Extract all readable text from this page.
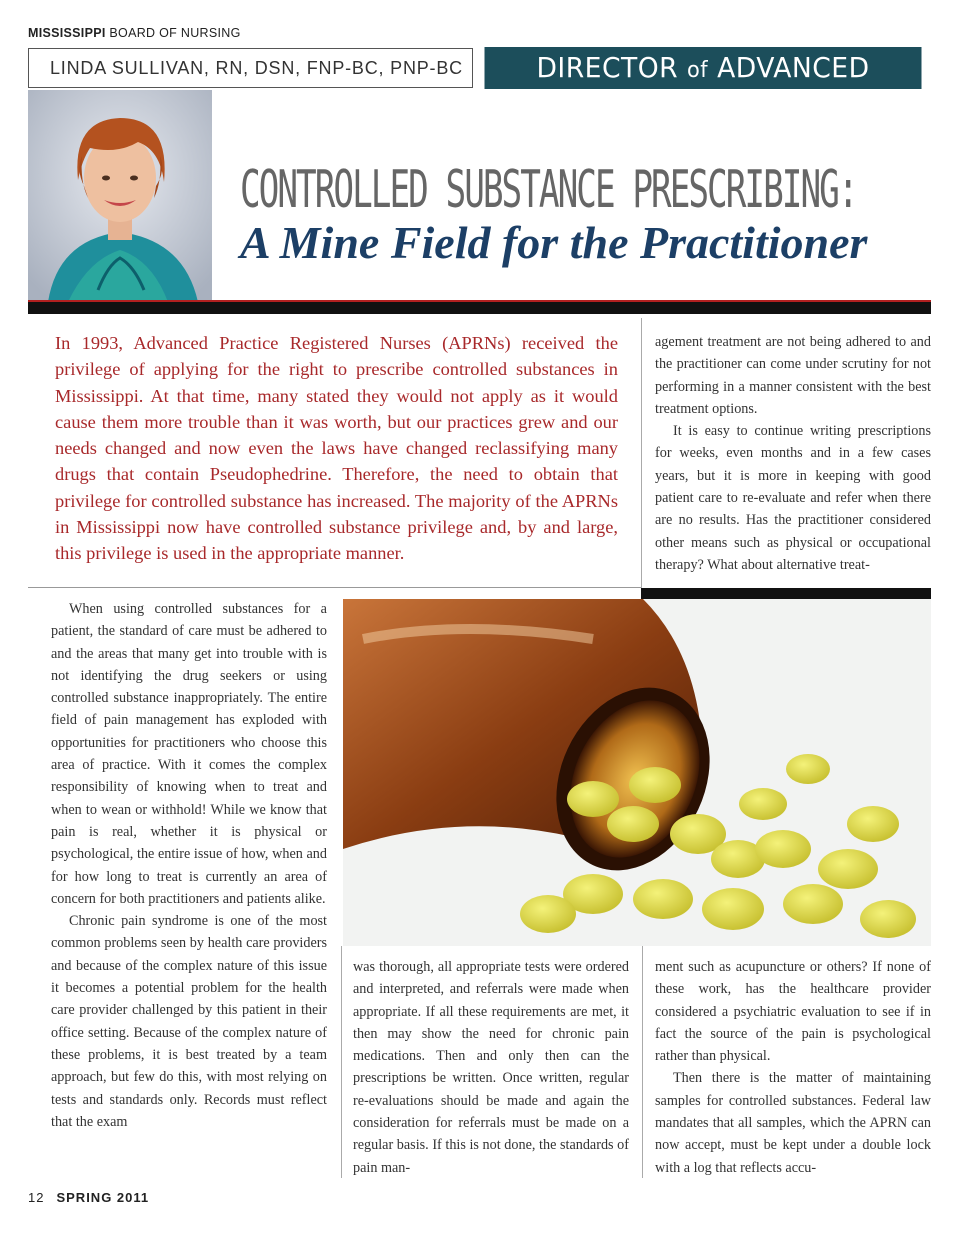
MISSISSIPPI BOARD OF NURSING
LINDA SULLIVAN, RN, DSN, FNP-BC, PNP-BC	DIRECTOR of ADVANCED PRACTICE
CONTROLLED SUBSTANCE PRESCRIBING:
A Mine Field for the Practitioner
In 1993, Advanced Practice Registered Nurses (APRNs) received the privilege of applying for the right to prescribe controlled substances in Mississippi. At that time, many stated they would not apply as it would cause them more trouble than it was worth, but our practices grew and our needs changed and now even the laws have changed reclassifying many drugs that contain Pseudophedrine. Therefore, the need to obtain that privilege for controlled substance has increased. The majority of the APRNs in Mississippi now have controlled substance privilege and, by and large, this privilege is used in the appropriate manner.

agement treatment are not being adhered to and the practitioner can come under scrutiny for not performing in a manner consistent with the best treatment options.

It is easy to continue writing prescriptions for weeks, even months and in a few cases years, but it is more in keeping with good patient care to re-evaluate and refer when there are no results. Has the practitioner considered other means such as physical or occupational therapy? What about alternative treat-

When using controlled substances for a patient, the standard of care must be adhered to and the areas that many get into trouble with is not identifying the drug seekers or using controlled substance inappropriately. The entire field of pain management has exploded with opportunities for practitioners who choose this area of practice. With it comes the complex responsibility of knowing when to treat and when to wean or withhold! While we know that pain is real, whether it is physical or psychological, the entire issue of how, when and for how long to treat is currently an area of concern for both practitioners and patients alike.

Chronic pain syndrome is one of the most common problems seen by health care providers and because of the complex nature of this issue it becomes a potential problem for the health care provider challenged by this patient in their office setting. Because of the complex nature of these problems, it is best treated by a team approach, but few do this, with most relying on tests and standards only. Records must reflect that the exam

was thorough, all appropriate tests were ordered and interpreted, and referrals were made when appropriate. If all these requirements are met, it then may show the need for chronic pain medications. Then and only then can the prescriptions be written. Once written, regular re-evaluations should be made and again the consideration for referrals must be made on a regular basis. If this is not done, the standards of pain man-

ment such as acupuncture or others? If none of these work, has the healthcare provider considered a psychiatric evaluation to see if in fact the source of the pain is psychological rather than physical.

Then there is the matter of maintaining samples for controlled substances. Federal law mandates that all samples, which the APRN can now accept, must be kept under a double lock with a log that reflects accu-

12 SPRING 2011
